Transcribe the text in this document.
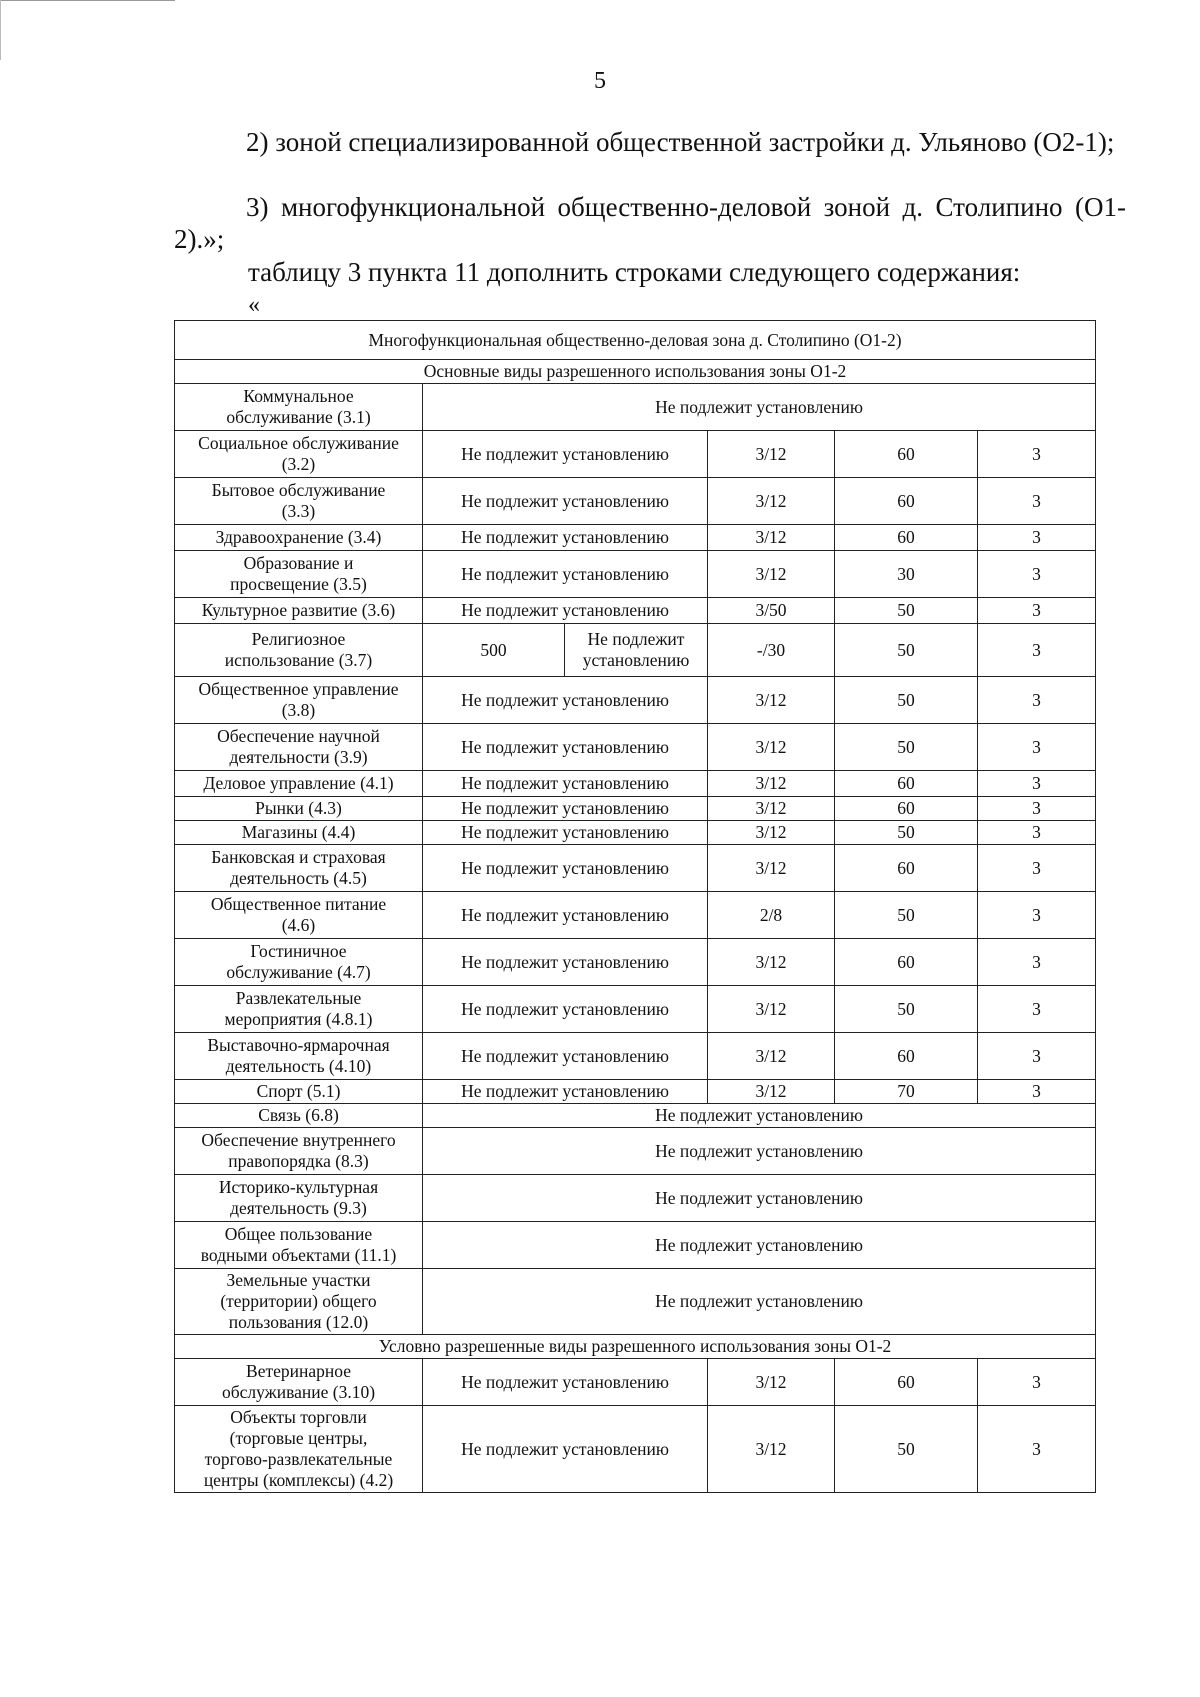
5
2) зоной специализированной общественной застройки д. Ульяново (О2-1);
3) многофункциональной общественно-деловой зоной д. Столипино (О1-2).»;
таблицу 3 пункта 11 дополнить строками следующего содержания:
«
Многофункциональная общественно-деловая зона д. Столипино (О1-2)					
Основные виды разрешенного использования зоны О1-2					
Коммунальное
обслуживание (3.1)	Не подлежит установлению				
Социальное обслуживание
(3.2)	Не подлежит установлению		3/12	60	3
Бытовое обслуживание
(3.3)	Не подлежит установлению		3/12	60	3
Здравоохранение (3.4)	Не подлежит установлению		3/12	60	3
Образование и
просвещение (3.5)	Не подлежит установлению		3/12	30	3
Культурное развитие (3.6)	Не подлежит установлению		3/50	50	3
Религиозное
использование (3.7)	500	Не подлежит
установлению	-/30	50	3
Общественное управление
(3.8)	Не подлежит установлению		3/12	50	3
Обеспечение научной
деятельности (3.9)	Не подлежит установлению		3/12	50	3
Деловое управление (4.1)	Не подлежит установлению		3/12	60	3
Рынки (4.3)	Не подлежит установлению		3/12	60	3
Магазины (4.4)	Не подлежит установлению		3/12	50	3
Банковская и страховая
деятельность (4.5)	Не подлежит установлению		3/12	60	3
Общественное питание
(4.6)	Не подлежит установлению		2/8	50	3
Гостиничное
обслуживание (4.7)	Не подлежит установлению		3/12	60	3
Развлекательные
мероприятия (4.8.1)	Не подлежит установлению		3/12	50	3
Выставочно-ярмарочная
деятельность (4.10)	Не подлежит установлению		3/12	60	3
Спорт (5.1)	Не подлежит установлению		3/12	70	3
Связь (6.8)	Не подлежит установлению				
Обеспечение внутреннего
правопорядка (8.3)	Не подлежит установлению				
Историко-культурная
деятельность (9.3)	Не подлежит установлению				
Общее пользование
водными объектами (11.1)	Не подлежит установлению				
Земельные участки
(территории) общего
пользования (12.0)	Не подлежит установлению				
Условно разрешенные виды разрешенного использования зоны О1-2					
Ветеринарное
обслуживание (3.10)	Не подлежит установлению		3/12	60	3
Объекты торговли
(торговые центры,
торгово-развлекательные
центры (комплексы) (4.2)	Не подлежит установлению		3/12	50	3
